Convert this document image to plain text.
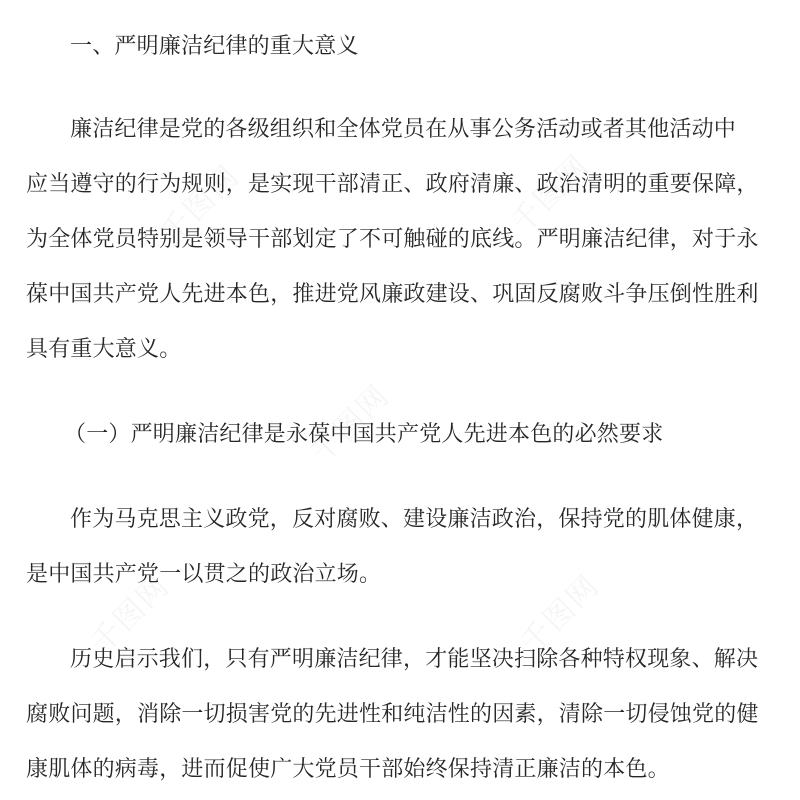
千图网	千图网
千图网
千图网	千图网
一、严明廉洁纪律的重大意义
廉洁纪律是党的各级组织和全体党员在从事公务活动或者其他活动中
应当遵守的行为规则，是实现干部清正、政府清廉、政治清明的重要保障，
为全体党员特别是领导干部划定了不可触碰的底线。严明廉洁纪律，对于永
葆中国共产党人先进本色，推进党风廉政建设、巩固反腐败斗争压倒性胜利
具有重大意义。
（一）严明廉洁纪律是永葆中国共产党人先进本色的必然要求
作为马克思主义政党，反对腐败、建设廉洁政治，保持党的肌体健康，
是中国共产党一以贯之的政治立场。
历史启示我们，只有严明廉洁纪律，才能坚决扫除各种特权现象、解决
腐败问题，消除一切损害党的先进性和纯洁性的因素，清除一切侵蚀党的健
康肌体的病毒，进而促使广大党员干部始终保持清正廉洁的本色。
